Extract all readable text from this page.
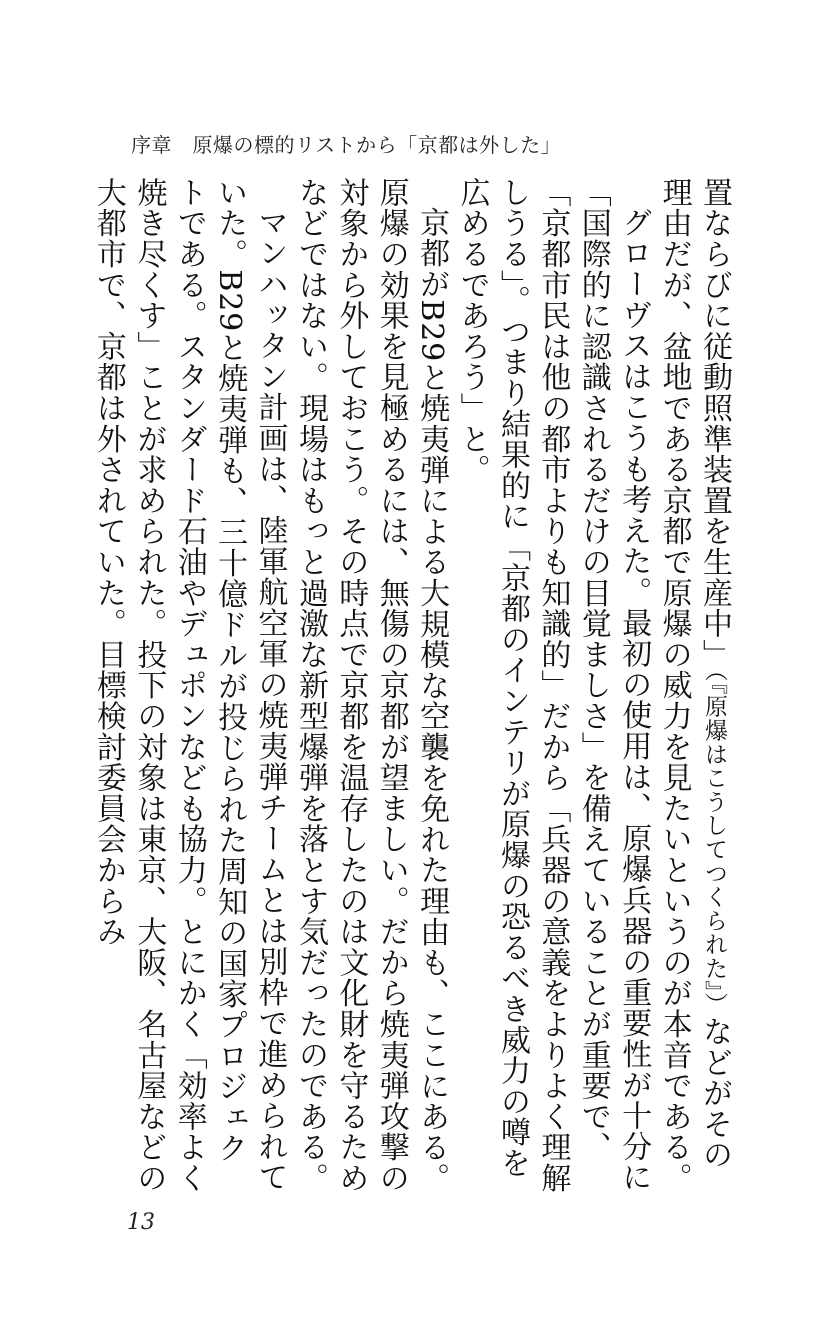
序章　 原爆の標的リストから「京都は外した」

置ならびに従動照準装置を生産中」（『原爆はこうしてつくられた』）などがその理由だが、盆地である京都で原爆の威力を見たいというのが本音である。

グローヴスはこうも考えた。最初の使用は、原爆兵器の重要性が十分に「国際的に認識されるだけの目覚ましさ」を備えていることが重要で、「京都市民は他の都市よりも知識的」だから「兵器の意義をよりよく理解しうる」。つまり結果的に「京都のインテリが原爆の恐るべき威力の噂を広めるであろう」と。

京都がB29と焼夷弾による大規模な空襲を免れた理由も、ここにある。原爆の効果を見極めるには、無傷の京都が望ましい。だから焼夷弾攻撃の対象から外しておこう。その時点で京都を温存したのは文化財を守るためなどではない。現場はもっと過激な新型爆弾を落とす気だったのである。

マンハッタン計画は、陸軍航空軍の焼夷弾チームとは別枠で進められていた。B29と焼夷弾も、三十億ドルが投じられた周知の国家プロジェクトである。スタンダード石油やデュポンなども協力。とにかく「効率よく焼き尽くす」ことが求められた。投下の対象は東京、大阪、名古屋などの大都市で、京都は外されていた。目標検討委員会からみ

13
